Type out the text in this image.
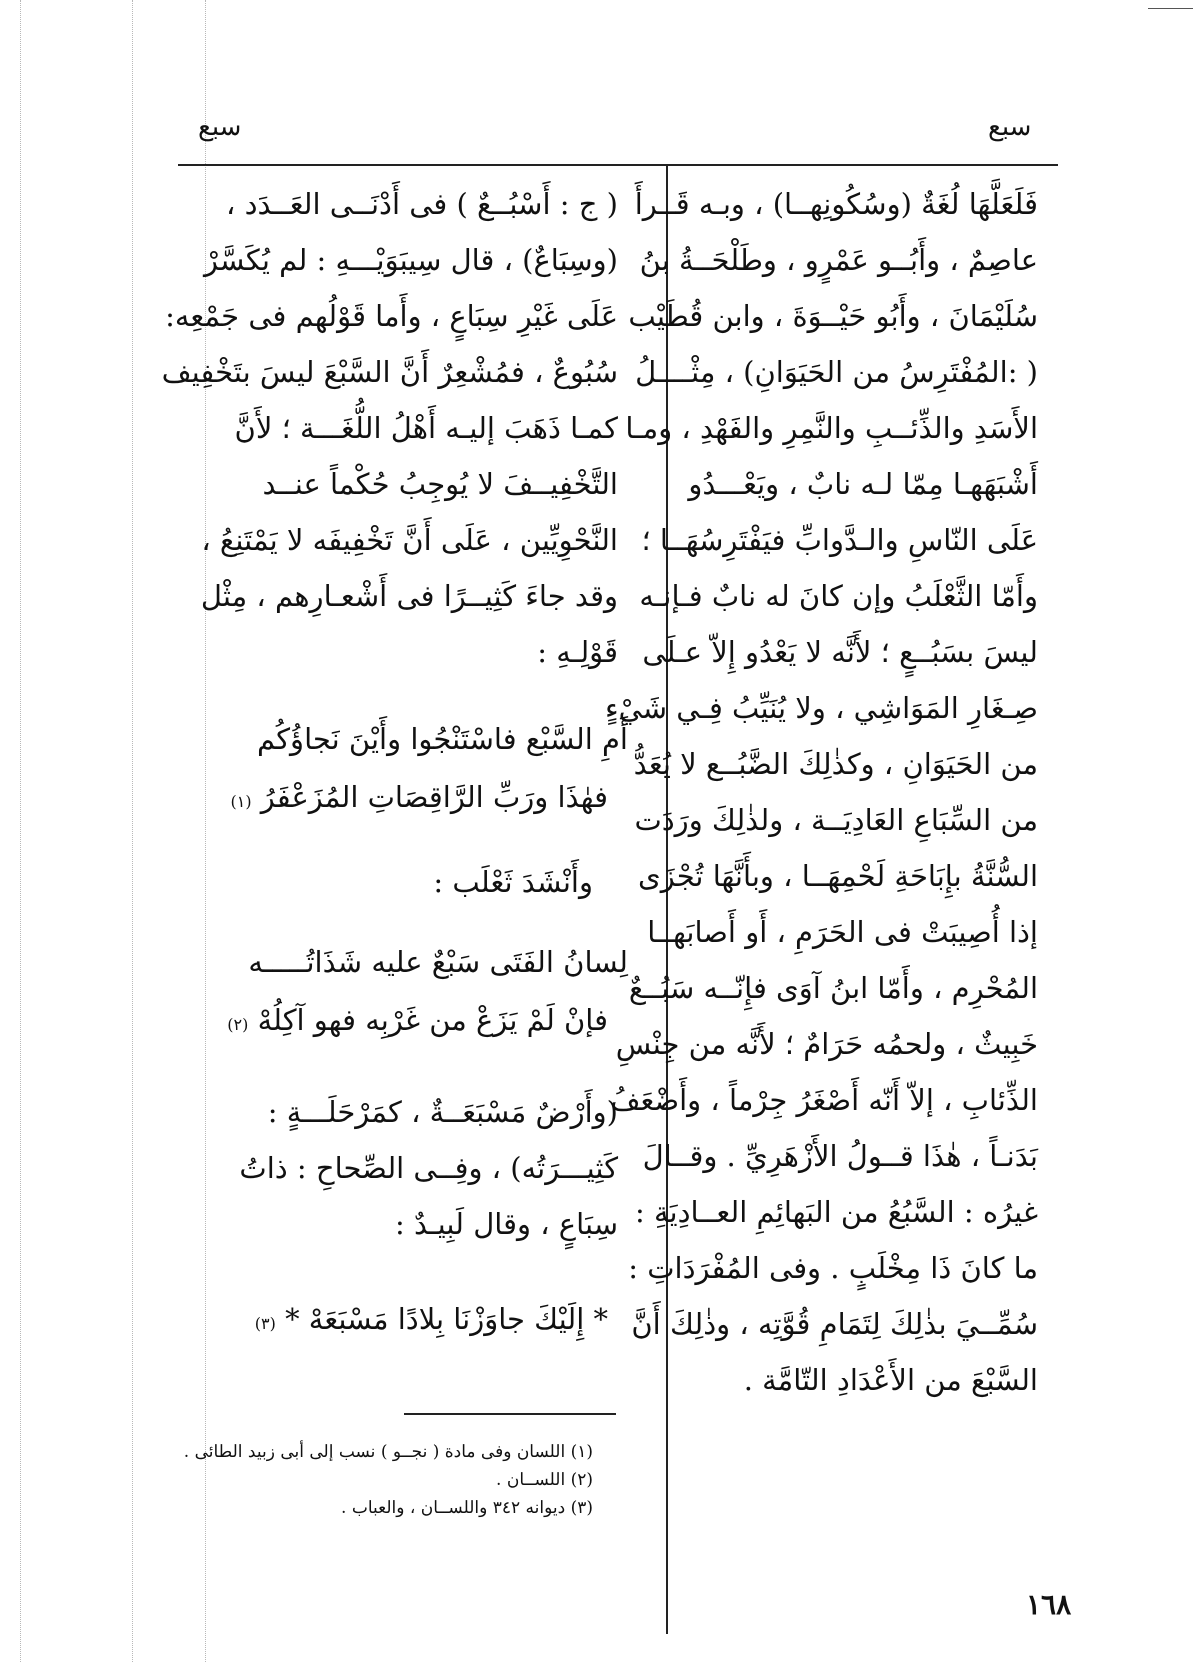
سبع
سبع
فَلَعَلَّهَا لُغَةٌ (وسُكُونِهــا) ، وبـه قَــرأَ
عاصِمٌ ، وأَبُــو عَمْرٍو ، وطَلْحَــةُ بنُ
سُلَيْمَانَ ، وأَبُو حَيْــوَةَ ، وابن قُطَيْب
( :المُفْتَرِسُ من الحَيَوَانِ) ، مِثْــــلُ
الأَسَدِ والذِّئــبِ والنَّمِرِ والفَهْدِ ، ومـا
أَشْبَهَهـا مِمّا لـه نابٌ ، ويَعْـــدُو
عَلَى النّاسِ والـدَّوابِّ فيَفْتَرِسُهَــا ؛
وأَمّا الثَّعْلَبُ وإن كانَ له نابٌ فـإنـه
ليسَ بسَبُــعٍ ؛ لأَنَّه لا يَعْدُو إِلاّ عـلَى
صِـغَارِ المَوَاشِي ، ولا يُنَيِّبُ فِـي شَيْءٍ
من الحَيَوَانِ ، وكذٰلِكَ الضَّبُــع لا يُعَدُّ
من السِّبَاعِ العَادِيَــة ، ولذٰلِكَ ورَدَت
السُّنَّةُ بإِبَاحَةِ لَحْمِهَــا ، وبأَنَّهَا تُجْزَى
إذا أُصِيبَتْ فى الحَرَمِ ، أَو أَصابَهــا
المُحْرِم ، وأَمّا ابنُ آوَى فإِنّــه سَبُــعٌ
خَبِيثٌ ، ولحمُه حَرَامٌ ؛ لأَنَّه من جِنْسِ
الذِّئابِ ، إلاّ أَنّه أَصْغَرُ جِرْماً ، وأَضْعَفُ
بَدَنـاً ، هٰذَا قــولُ الأَزْهَرِيِّ . وقــالَ
غيرُه : السَّبُعُ من البَهائِمِ العــادِيَةِ :
ما كانَ ذَا مِخْلَبٍ . وفى المُفْرَدَاتِ :
سُمِّــيَ بذٰلِكَ لِتَمَامِ قُوَّتِه ، وذٰلِكَ أَنَّ
السَّبْعَ من الأَعْدَادِ التّامَّة .
( ج : أَسْبُــعٌ ) فى أَدْنَــى العَــدَد ،
(وسِبَاعٌ) ، قال سِيبَوَيْـــهِ : لم يُكَسَّرْ
عَلَى غَيْرِ سِبَاعٍ ، وأَما قَوْلُهم فى جَمْعِه:
سُبُوعٌ ، فمُشْعِرٌ أَنَّ السَّبْعَ ليسَ بتَخْفِيف
كمـا ذَهَبَ إليـه أَهْلُ اللُّغَـــة ؛ لأَنَّ
التَّخْفِيــفَ لا يُوجِبُ حُكْماً عنــد
النَّحْوِيِّين ، عَلَى أَنَّ تَخْفِيفَه لا يَمْتَنِعُ ،
وقد جاءَ كَثِيــرًا فى أَشْعـارِهم ، مِثْل
قَوْلِـهِ :
أَمِ السَّبْع فاسْتَنْجُوا وأَيْنَ نَجاؤُكُم
فهٰذَا ورَبِّ الرَّاقِصَاتِ المُزَعْفَرُ (١)
وأَنْشَدَ ثَعْلَب :
لِسانُ الفَتَى سَبْعٌ عليه شَذَاتُـــــه
فإنْ لَمْ يَزَعْ من غَرْبِه فهو آكِلُهْ (٢)
(وأَرْضٌ مَسْبَعَــةٌ ، كمَرْحَلَـــةٍ :
كَثِيـــرَتُه) ، وفِــى الصِّحاحِ : ذاتُ
سِبَاعٍ ، وقال لَبِيـدٌ :
* إِلَيْكَ جاوَزْنَا بِلادًا مَسْبَعَهْ * (٣)
(١) اللسان وفى مادة ( نجــو ) نسب إلى أبى زبيد الطائى .
(٢) اللســان .
(٣) ديوانه ٣٤٢ واللســان ، والعباب .
١٦٨
